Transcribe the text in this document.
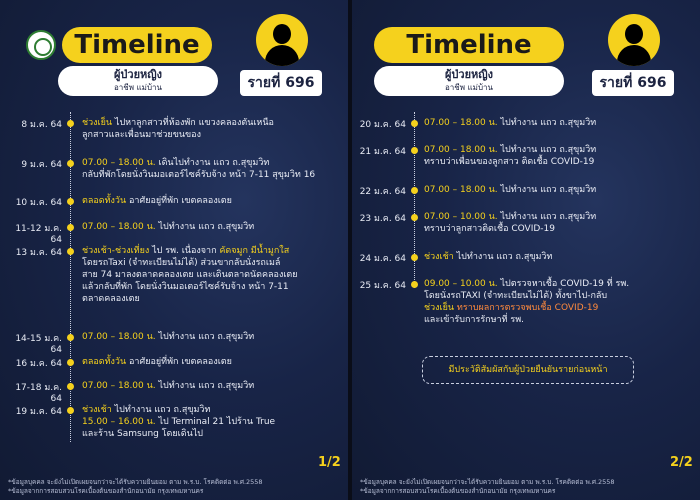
Timeline
ผู้ป่วยหญิง
อาชีพ แม่บ้าน	รายที่ 696
8 ม.ค. 64 ช่วงเย็น ไปหาลูกสาวที่ห้องพัก แขวงคลองตันเหนือ
ลูกสาวและเพื่อนมาช่วยขนของ
9 ม.ค. 64 07.00 – 18.00 น. เดินไปทำงาน แถว ถ.สุขุมวิท
กลับที่พักโดยนั่งวินมอเตอร์ไซค์รับจ้าง หน้า 7-11 สุขุมวิท 16
10 ม.ค. 64 ตลอดทั้งวัน อาศัยอยู่ที่พัก เขตคลองเตย
11-12 ม.ค. 64
07.00 – 18.00 น. ไปทำงาน แถว ถ.สุขุมวิท
13 ม.ค. 64 ช่วงเช้า-ช่วงเที่ยง ไป รพ. เนื่องจาก คัดจมูก มีน้ำมูกใส
โดยรถTaxi (จำทะเบียนไม่ได้) ส่วนขากลับนั่งรถเมล์
สาย 74 มาลงตลาดคลองเตย และเดินตลาดนัดคลองเตย
แล้วกลับที่พัก โดยนั่งวินมอเตอร์ไซค์รับจ้าง หน้า 7-11
ตลาดคลองเตย
14-15 ม.ค. 64
07.00 – 18.00 น. ไปทำงาน แถว ถ.สุขุมวิท
16 ม.ค. 64 ตลอดทั้งวัน อาศัยอยู่ที่พัก เขตคลองเตย
17-18 ม.ค. 64
07.00 – 18.00 น. ไปทำงาน แถว ถ.สุขุมวิท
19 ม.ค. 64 ช่วงเช้า ไปทำงาน แถว ถ.สุขุมวิท
15.00 – 16.00 น. ไป Terminal 21 ไปร้าน True
และร้าน Samsung โดยเดินไป
1/2
*ข้อมูลบุคคล จะยังไม่เปิดเผยจนกว่าจะได้รับความยินยอม ตาม พ.ร.บ. โรคติดต่อ พ.ศ.2558
*ข้อมูลจากการสอบสวนโรคเบื้องต้นของสำนักอนามัย กรุงเทพมหานคร
Timeline
ผู้ป่วยหญิง
อาชีพ แม่บ้าน	รายที่ 696
20 ม.ค. 64 07.00 – 18.00 น. ไปทำงาน แถว ถ.สุขุมวิท
21 ม.ค. 64 07.00 – 18.00 น. ไปทำงาน แถว ถ.สุขุมวิท
ทราบว่าเพื่อนของลูกสาว ติดเชื้อ COVID-19
22 ม.ค. 64 07.00 – 18.00 น. ไปทำงาน แถว ถ.สุขุมวิท
23 ม.ค. 64 07.00 – 10.00 น. ไปทำงาน แถว ถ.สุขุมวิท
ทราบว่าลูกสาวติดเชื้อ COVID-19
24 ม.ค. 64 ช่วงเช้า ไปทำงาน แถว ถ.สุขุมวิท
25 ม.ค. 64 09.00 – 10.00 น. ไปตรวจหาเชื้อ COVID-19 ที่ รพ.
โดยนั่งรถTAXI (จำทะเบียนไม่ได้) ทั้งขาไป-กลับ
ช่วงเย็น ทราบผลการตรวจพบเชื้อ COVID-19
และเข้ารับการรักษาที่ รพ.
มีประวัติสัมผัสกับผู้ป่วยยืนยันรายก่อนหน้า
2/2
*ข้อมูลบุคคล จะยังไม่เปิดเผยจนกว่าจะได้รับความยินยอม ตาม พ.ร.บ. โรคติดต่อ พ.ศ.2558
*ข้อมูลจากการสอบสวนโรคเบื้องต้นของสำนักอนามัย กรุงเทพมหานคร
